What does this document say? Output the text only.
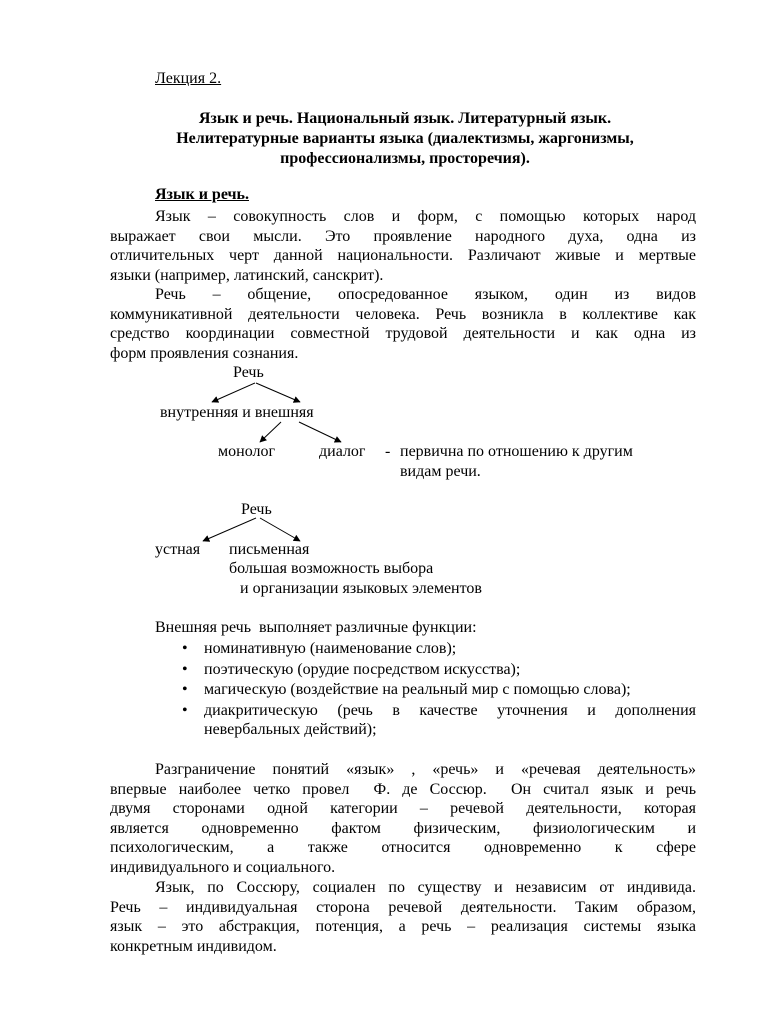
Лекция 2.
Язык и речь. Национальный язык. Литературный язык.
Нелитературные варианты языка (диалектизмы, жаргонизмы,
профессионализмы, просторечия).
Язык и речь.
Язык – совокупность слов и форм, с помощью которых народ
выражает свои мысли. Это проявление народного духа, одна из
отличительных черт данной национальности. Различают живые и мертвые
языки (например, латинский, санскрит).
Речь – общение, опосредованное языком, один из видов
коммуникативной деятельности человека. Речь возникла в коллективе как
средство координации совместной трудовой деятельности и как одна из
форм проявления сознания.
Речь
внутренняя и внешняя
монолог	диалог - первична по отношению к другим
видам речи.
Речь
устная письменная
большая возможность выбора
и организации языковых элементов
Внешняя речь  выполняет различные функции:
• номинативную (наименование слов);
• поэтическую (орудие посредством искусства);
• магическую (воздействие на реальный мир с помощью слова);
• диакритическую (речь в качестве уточнения и дополнения
невербальных действий);
Разграничение понятий «язык» , «речь» и «речевая деятельность»
впервые наиболее четко провел  Ф. де Соссюр.  Он считал язык и речь
двумя сторонами одной категории – речевой деятельности, которая
является одновременно фактом физическим, физиологическим и
психологическим, а также относится одновременно к сфере
индивидуального и социального.
Язык, по Соссюру, социален по существу и независим от индивида.
Речь – индивидуальная сторона речевой деятельности. Таким образом,
язык – это абстракция, потенция, а речь – реализация системы языка
конкретным индивидом.
